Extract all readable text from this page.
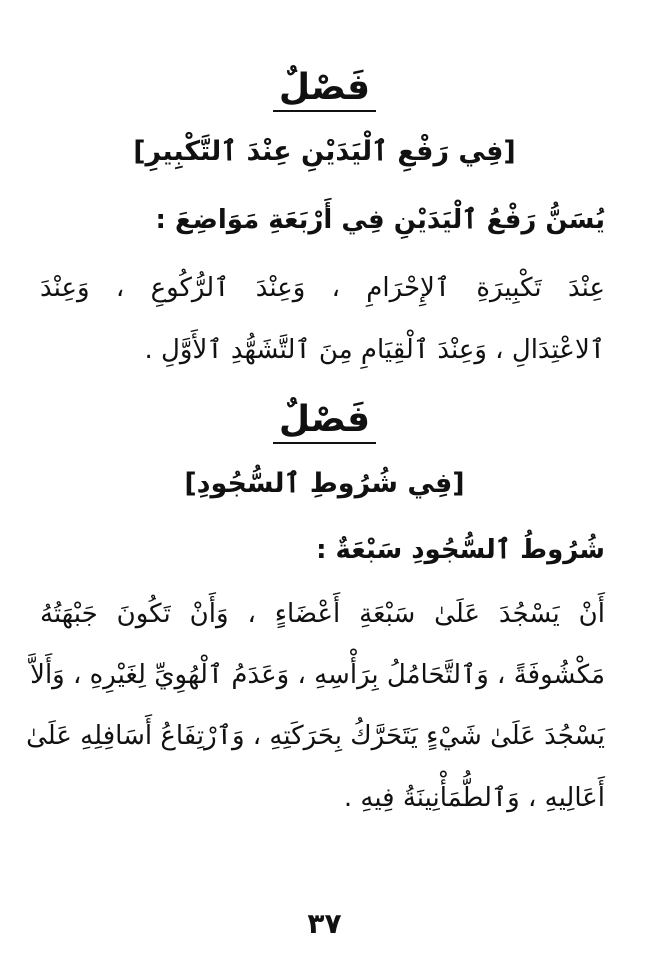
فَصْلٌ
[فِي رَفْعِ ٱلْيَدَيْنِ عِنْدَ ٱلتَّكْبِيرِ]
يُسَنُّ رَفْعُ ٱلْيَدَيْنِ فِي أَرْبَعَةِ مَوَاضِعَ :
عِنْدَ تَكْبِيرَةِ ٱلإِحْرَامِ ، وَعِنْدَ ٱلرُّكُوعِ ، وَعِنْدَ
ٱلاعْتِدَالِ ، وَعِنْدَ ٱلْقِيَامِ مِنَ ٱلتَّشَهُّدِ ٱلأَوَّلِ .
فَصْلٌ
[فِي شُرُوطِ ٱلسُّجُودِ]
شُرُوطُ ٱلسُّجُودِ سَبْعَةٌ :
أَنْ يَسْجُدَ عَلَىٰ سَبْعَةِ أَعْضَاءٍ ، وَأَنْ تَكُونَ جَبْهَتُهُ
مَكْشُوفَةً ، وَٱلتَّحَامُلُ بِرَأْسِهِ ، وَعَدَمُ ٱلْهُوِيِّ لِغَيْرِهِ ، وَأَلاَّ
يَسْجُدَ عَلَىٰ شَيْءٍ يَتَحَرَّكُ بِحَرَكَتِهِ ، وَٱرْتِفَاعُ أَسَافِلِهِ عَلَىٰ
أَعَالِيهِ ، وَٱلطُّمَأْنِينَةُ فِيهِ .
٣٧
